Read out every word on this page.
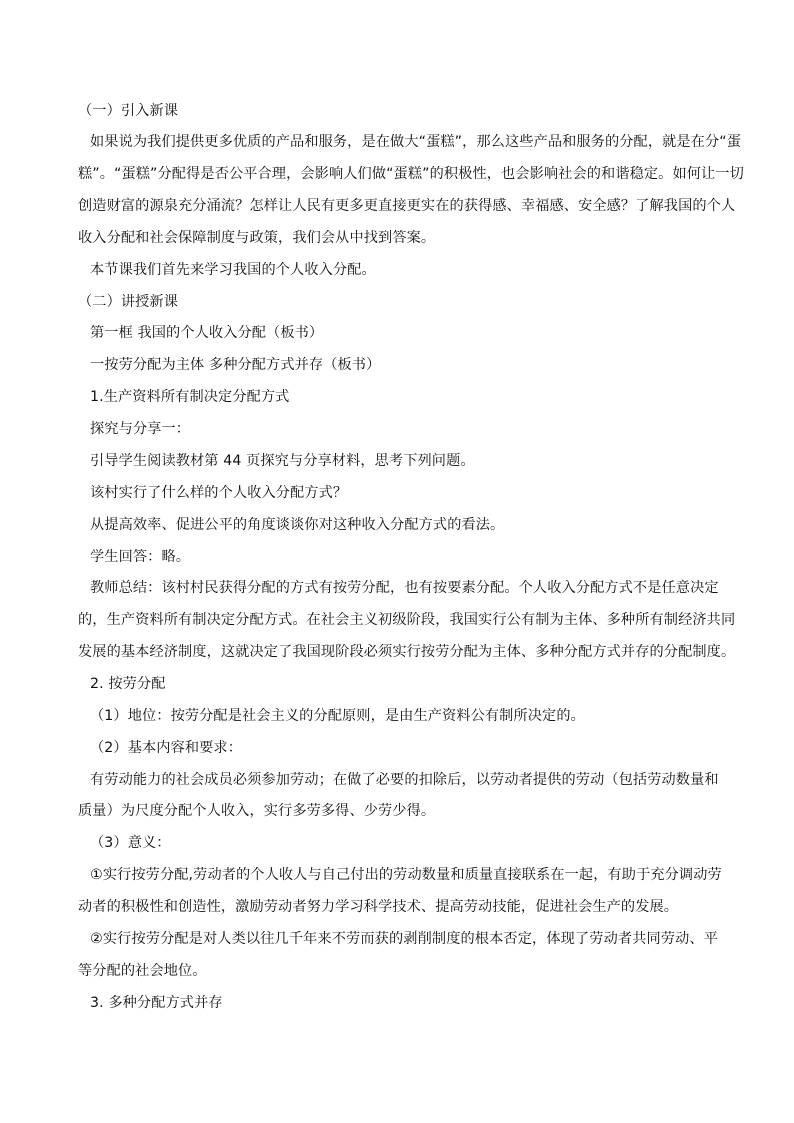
（一）引入新课
如果说为我们提供更多优质的产品和服务，是在做大“蛋糕”，那么这些产品和服务的分配，就是在分“蛋
糕”。“蛋糕”分配得是否公平合理，会影响人们做“蛋糕”的积极性，也会影响社会的和谐稳定。如何让一切
创造财富的源泉充分涌流？怎样让人民有更多更直接更实在的获得感、幸福感、安全感？了解我国的个人
收入分配和社会保障制度与政策，我们会从中找到答案。
本节课我们首先来学习我国的个人收入分配。
（二）讲授新课
第一框 我国的个人收入分配（板书）
一按劳分配为主体 多种分配方式并存（板书）
1.生产资料所有制决定分配方式
探究与分享一：
引导学生阅读教材第 44 页探究与分享材料，思考下列问题。
该村实行了什么样的个人收入分配方式？
从提高效率、促进公平的角度谈谈你对这种收入分配方式的看法。
学生回答：略。
教师总结：该村村民获得分配的方式有按劳分配，也有按要素分配。个人收入分配方式不是任意决定
的，生产资料所有制决定分配方式。在社会主义初级阶段，我国实行公有制为主体、多种所有制经济共同
发展的基本经济制度，这就决定了我国现阶段必须实行按劳分配为主体、多种分配方式并存的分配制度。
2. 按劳分配
（1）地位：按劳分配是社会主义的分配原则，是由生产资料公有制所决定的。
（2）基本内容和要求：
有劳动能力的社会成员必须参加劳动；在做了必要的扣除后，以劳动者提供的劳动（包括劳动数量和
质量）为尺度分配个人收入，实行多劳多得、少劳少得。
（3）意义：
①实行按劳分配,劳动者的个人收人与自己付出的劳动数量和质量直接联系在一起，有助于充分调动劳
动者的积极性和创造性，激励劳动者努力学习科学技术、提高劳动技能，促进社会生产的发展。
②实行按劳分配是对人类以往几千年来不劳而获的剥削制度的根本否定，体现了劳动者共同劳动、平
等分配的社会地位。
3. 多种分配方式并存
